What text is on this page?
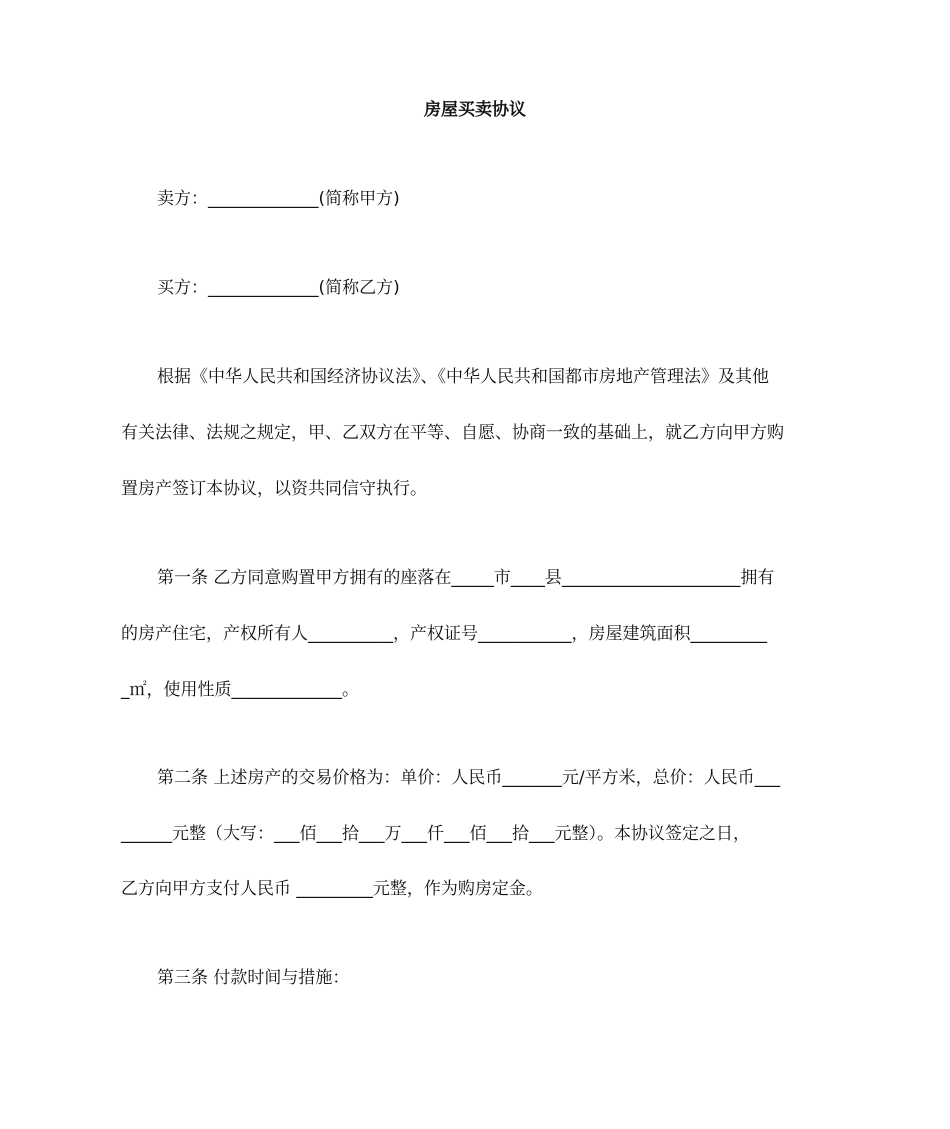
房屋买卖协议
卖方：_____________(简称甲方)
买方：_____________(简称乙方)
根据《中华人民共和国经济协议法》、《中华人民共和国都市房地产管理法》及其他
有关法律、法规之规定，甲、乙双方在平等、自愿、协商一致的基础上，就乙方向甲方购
置房产签订本协议，以资共同信守执行。
第一条 乙方同意购置甲方拥有的座落在_____市____县_____________________拥有
的房产住宅，产权所有人__________，产权证号___________，房屋建筑面积_________
_㎡，使用性质_____________。
第二条 上述房产的交易价格为：单价：人民币_______元/平方米，总价：人民币___
______元整（大写：___佰___拾___万___仟___佰___拾___元整）。本协议签定之日，
乙方向甲方支付人民币 _________元整，作为购房定金。
第三条 付款时间与措施：
